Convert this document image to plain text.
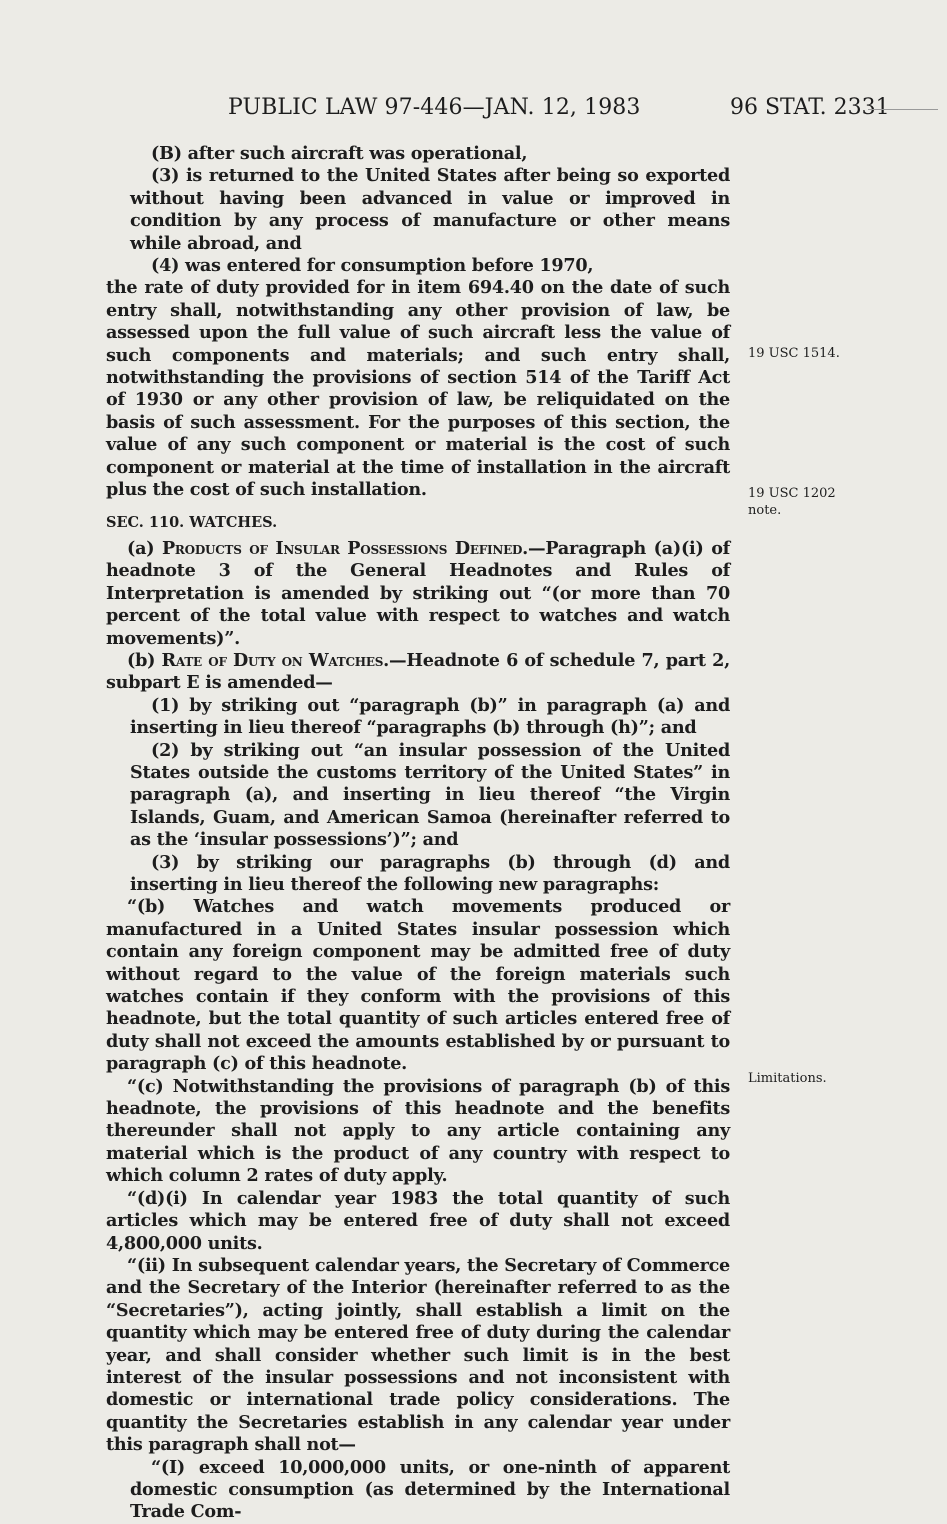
PUBLIC LAW 97-446—JAN. 12, 1983	96 STAT. 2331

(B) after such aircraft was operational,

(3) is returned to the United States after being so exported without having been advanced in value or improved in condition by any process of manufacture or other means while abroad, and

(4) was entered for consumption before 1970,

the rate of duty provided for in item 694.40 on the date of such entry shall, notwithstanding any other provision of law, be assessed upon the full value of such aircraft less the value of such components and materials; and such entry shall, notwithstanding the provisions of section 514 of the Tariff Act of 1930 or any other provision of law, be reliquidated on the basis of such assessment. For the purposes of this section, the value of any such component or material is the cost of such component or material at the time of installation in the aircraft plus the cost of such installation.

SEC. 110. WATCHES.

(a) Products of Insular Possessions Defined.—Paragraph (a)(i) of headnote 3 of the General Headnotes and Rules of Interpretation is amended by striking out “(or more than 70 percent of the total value with respect to watches and watch movements)”.

(b) Rate of Duty on Watches.—Headnote 6 of schedule 7, part 2, subpart E is amended—

(1) by striking out “paragraph (b)” in paragraph (a) and inserting in lieu thereof “paragraphs (b) through (h)”; and

(2) by striking out “an insular possession of the United States outside the customs territory of the United States” in paragraph (a), and inserting in lieu thereof “the Virgin Islands, Guam, and American Samoa (hereinafter referred to as the ‘insular possessions’)”; and

(3) by striking our paragraphs (b) through (d) and inserting in lieu thereof the following new paragraphs:

“(b) Watches and watch movements produced or manufactured in a United States insular possession which contain any foreign component may be admitted free of duty without regard to the value of the foreign materials such watches contain if they conform with the provisions of this headnote, but the total quantity of such articles entered free of duty shall not exceed the amounts established by or pursuant to paragraph (c) of this headnote.

“(c) Notwithstanding the provisions of paragraph (b) of this headnote, the provisions of this headnote and the benefits thereunder shall not apply to any article containing any material which is the product of any country with respect to which column 2 rates of duty apply.

“(d)(i) In calendar year 1983 the total quantity of such articles which may be entered free of duty shall not exceed 4,800,000 units.

“(ii) In subsequent calendar years, the Secretary of Commerce and the Secretary of the Interior (hereinafter referred to as the “Secretaries”), acting jointly, shall establish a limit on the quantity which may be entered free of duty during the calendar year, and shall consider whether such limit is in the best interest of the insular possessions and not inconsistent with domestic or international trade policy considerations. The quantity the Secretaries establish in any calendar year under this paragraph shall not—

“(I) exceed 10,000,000 units, or one-ninth of apparent domestic consumption (as determined by the International Trade Com-

19 USC 1514.
19 USC 1202
note.
Limitations.
